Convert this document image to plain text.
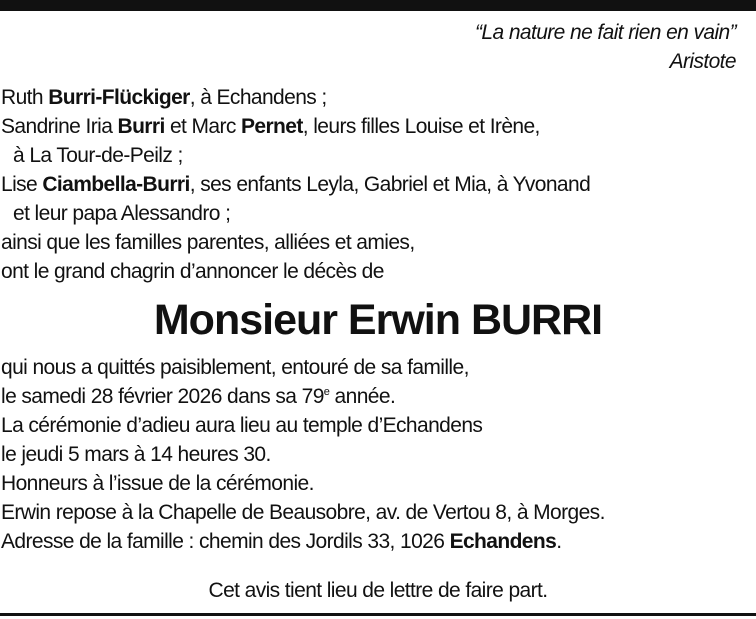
“La nature ne fait rien en vain”
Aristote
Ruth Burri-Flückiger, à Echandens ;
Sandrine Iria Burri et Marc Pernet, leurs filles Louise et Irène,
à La Tour-de-Peilz ;
Lise Ciambella-Burri, ses enfants Leyla, Gabriel et Mia, à Yvonand
et leur papa Alessandro ;
ainsi que les familles parentes, alliées et amies,
ont le grand chagrin d’annoncer le décès de
Monsieur Erwin BURRI
qui nous a quittés paisiblement, entouré de sa famille,
le samedi 28 février 2026 dans sa 79e année.
La cérémonie d’adieu aura lieu au temple d’Echandens
le jeudi 5 mars à 14 heures 30.
Honneurs à l’issue de la cérémonie.
Erwin repose à la Chapelle de Beausobre, av. de Vertou 8, à Morges.
Adresse de la famille : chemin des Jordils 33, 1026 Echandens.
Cet avis tient lieu de lettre de faire part.
